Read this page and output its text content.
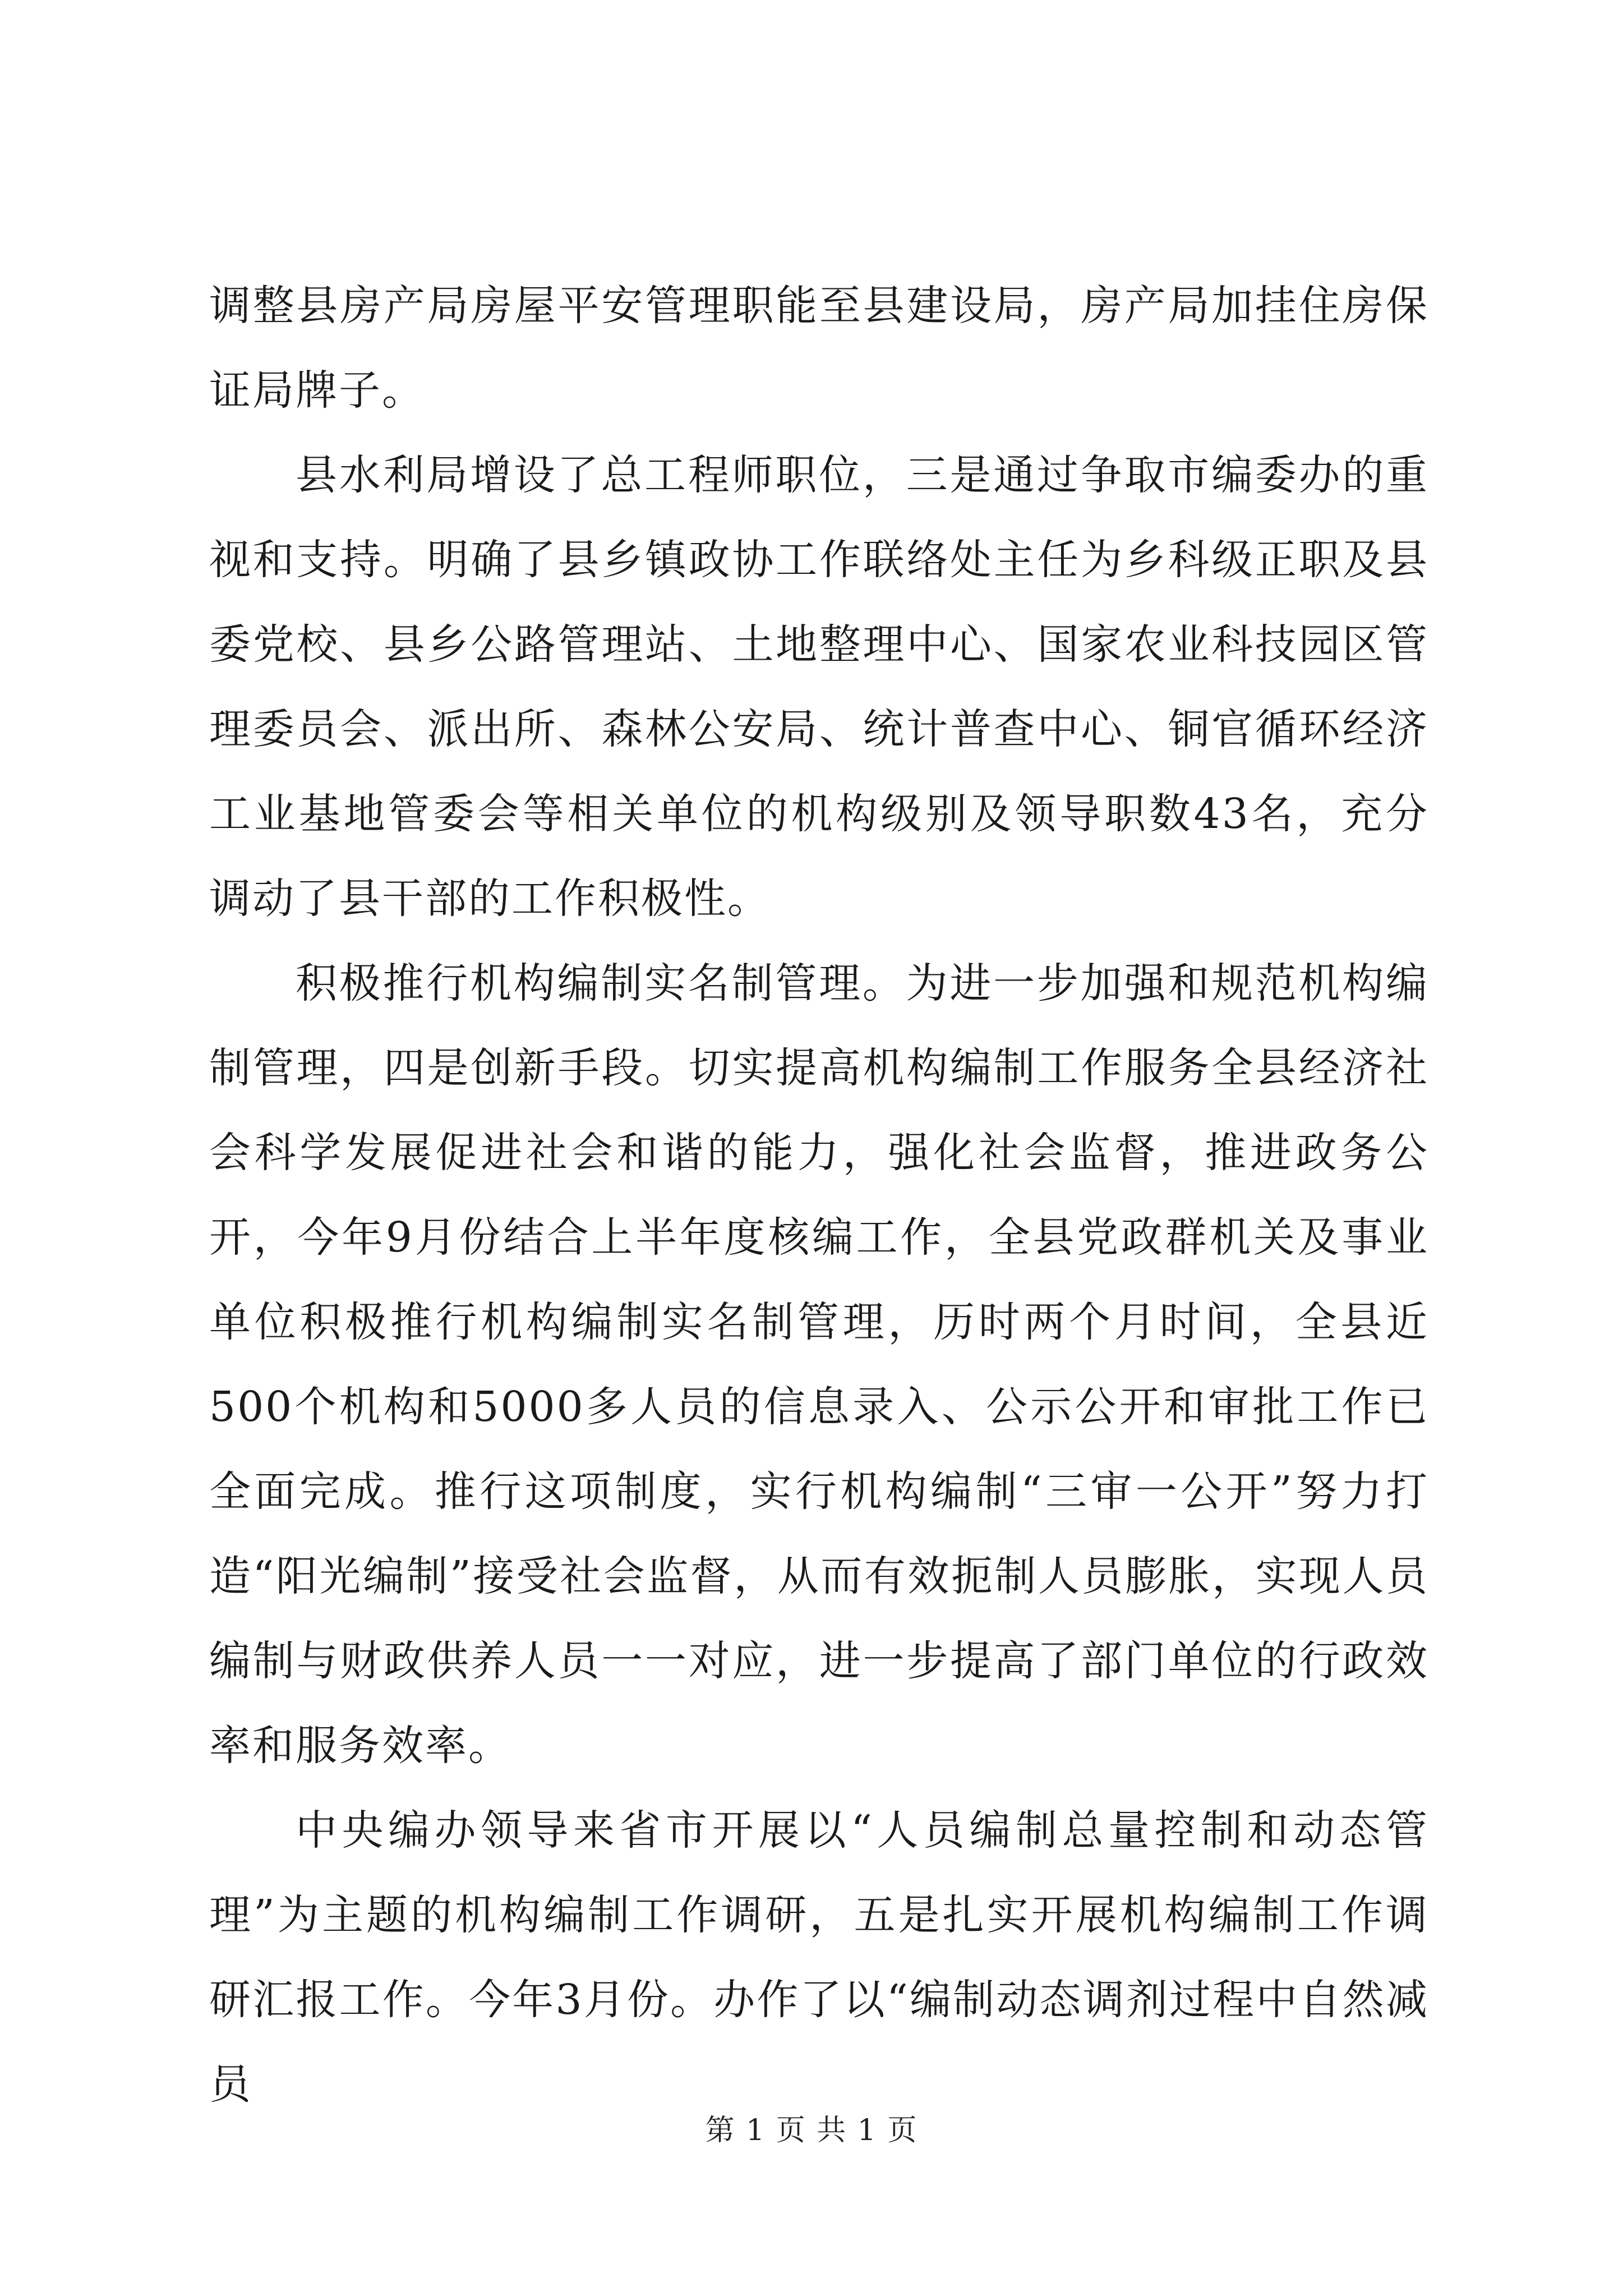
调整县房产局房屋平安管理职能至县建设局，房产局加挂住房保证局牌子。

县水利局增设了总工程师职位，三是通过争取市编委办的重视和支持。明确了县乡镇政协工作联络处主任为乡科级正职及县委党校、县乡公路管理站、土地整理中心、国家农业科技园区管理委员会、派出所、森林公安局、统计普查中心、铜官循环经济工业基地管委会等相关单位的机构级别及领导职数43名，充分调动了县干部的工作积极性。

积极推行机构编制实名制管理。为进一步加强和规范机构编制管理，四是创新手段。切实提高机构编制工作服务全县经济社会科学发展促进社会和谐的能力，强化社会监督，推进政务公开，今年9月份结合上半年度核编工作，全县党政群机关及事业单位积极推行机构编制实名制管理，历时两个月时间，全县近500个机构和5000多人员的信息录入、公示公开和审批工作已全面完成。推行这项制度，实行机构编制“三审一公开”努力打造“阳光编制”接受社会监督，从而有效扼制人员膨胀，实现人员编制与财政供养人员一一对应，进一步提高了部门单位的行政效率和服务效率。

中央编办领导来省市开展以“人员编制总量控制和动态管理”为主题的机构编制工作调研，五是扎实开展机构编制工作调研汇报工作。今年3月份。办作了以“编制动态调剂过程中自然减员

第 1 页 共 1 页
